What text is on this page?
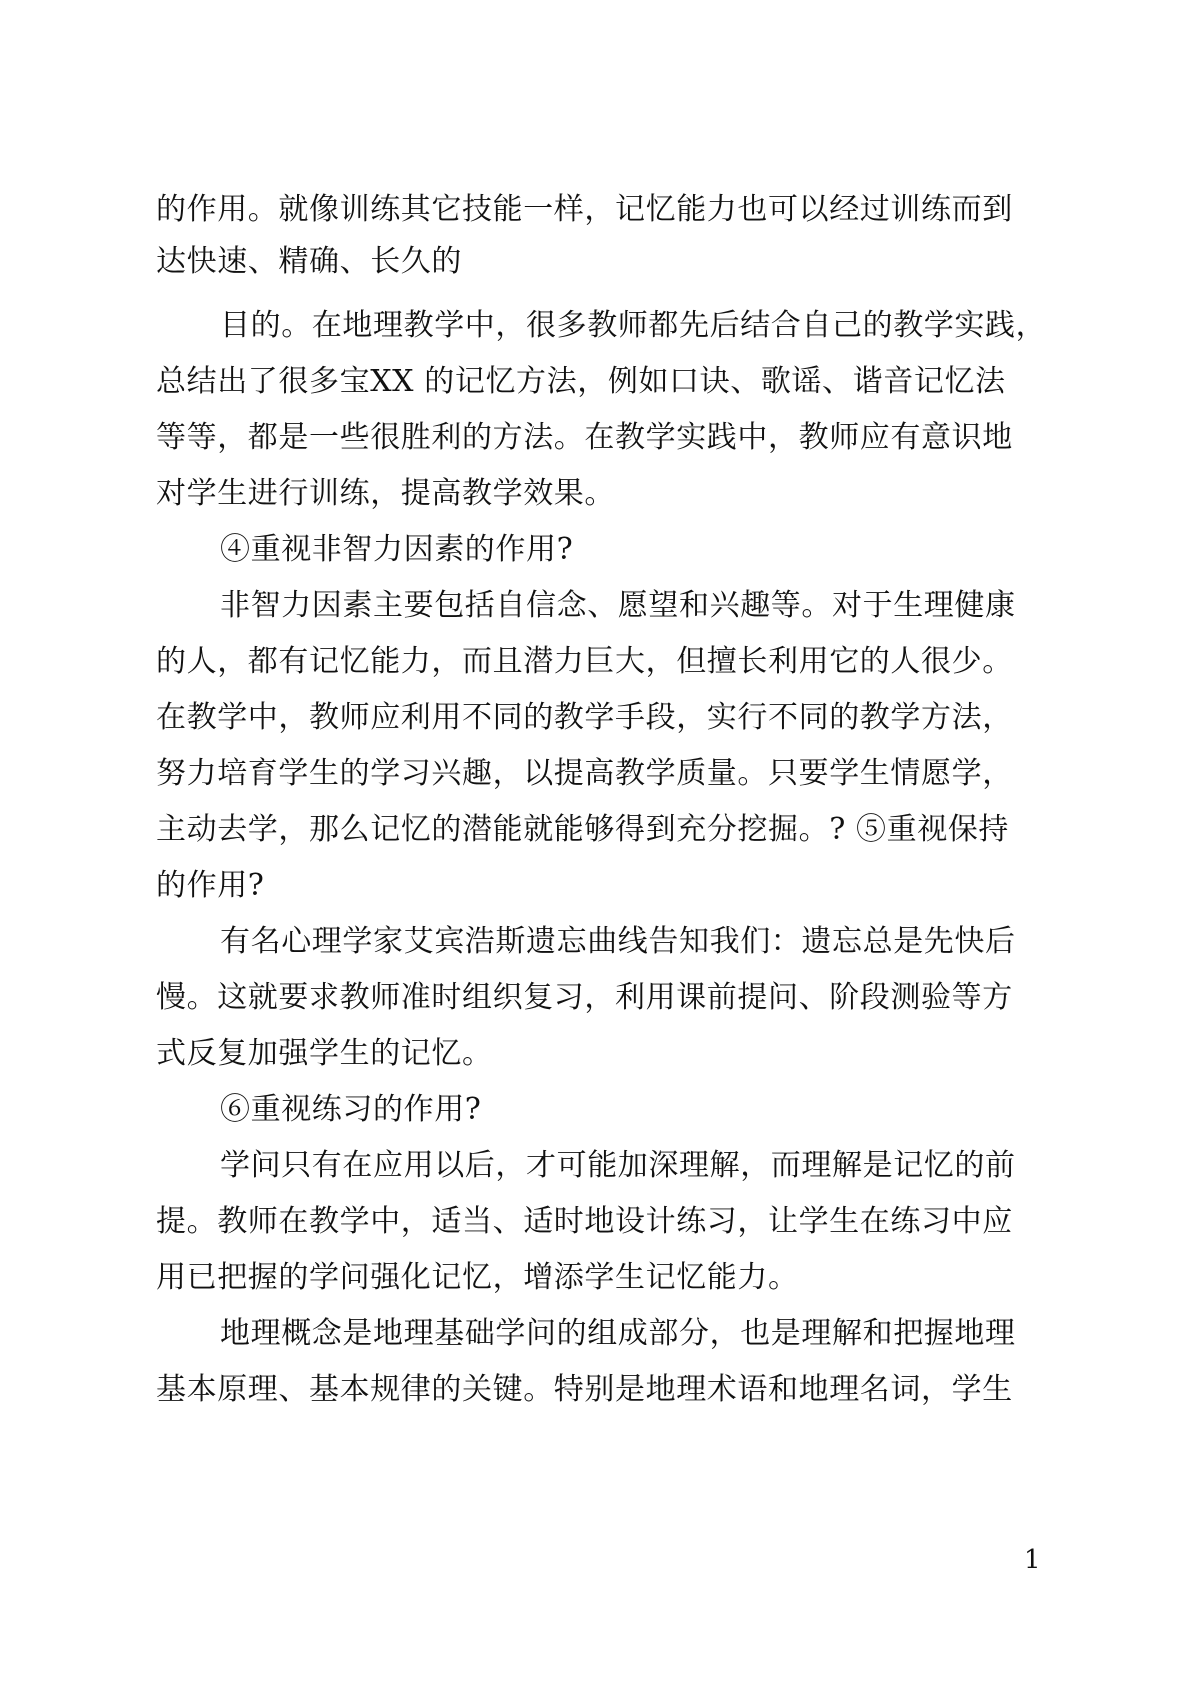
的作用。就像训练其它技能一样，记忆能力也可以经过训练而到
达快速、精确、长久的
目的。在地理教学中，很多教师都先后结合自己的教学实践，
总结出了很多宝XX 的记忆方法，例如口诀、歌谣、谐音记忆法
等等，都是一些很胜利的方法。在教学实践中，教师应有意识地
对学生进行训练，提高教学效果。
④重视非智力因素的作用?
非智力因素主要包括自信念、愿望和兴趣等。对于生理健康
的人，都有记忆能力，而且潜力巨大，但擅长利用它的人很少。
在教学中，教师应利用不同的教学手段，实行不同的教学方法，
努力培育学生的学习兴趣，以提高教学质量。只要学生情愿学，
主动去学，那么记忆的潜能就能够得到充分挖掘。? ⑤重视保持
的作用?
有名心理学家艾宾浩斯遗忘曲线告知我们：遗忘总是先快后
慢。这就要求教师准时组织复习，利用课前提问、阶段测验等方
式反复加强学生的记忆。
⑥重视练习的作用?
学问只有在应用以后，才可能加深理解，而理解是记忆的前
提。教师在教学中，适当、适时地设计练习，让学生在练习中应
用已把握的学问强化记忆，增添学生记忆能力。
地理概念是地理基础学问的组成部分，也是理解和把握地理
基本原理、基本规律的关键。特别是地理术语和地理名词，学生
1
